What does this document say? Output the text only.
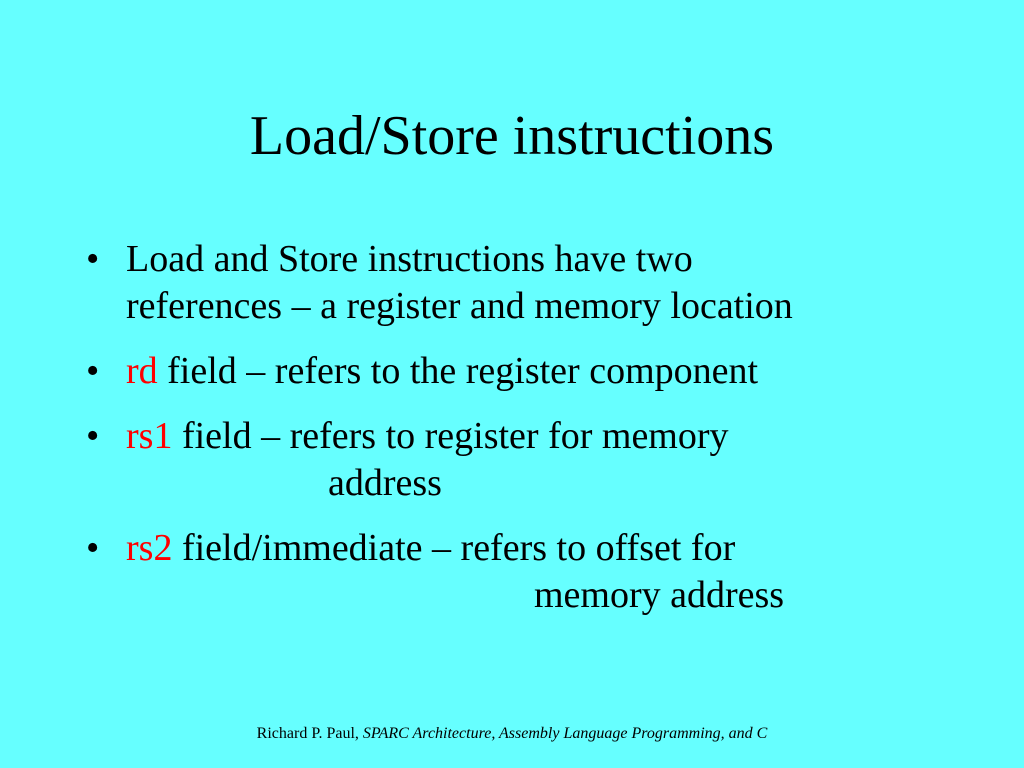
Load/Store instructions
• Load and Store instructions have two
references – a register and memory location
• rd field – refers to the register component
• rs1 field – refers to register for memory
address
• rs2 field/immediate – refers to offset for
memory address
Richard P. Paul, SPARC Architecture, Assembly Language Programming, and C
